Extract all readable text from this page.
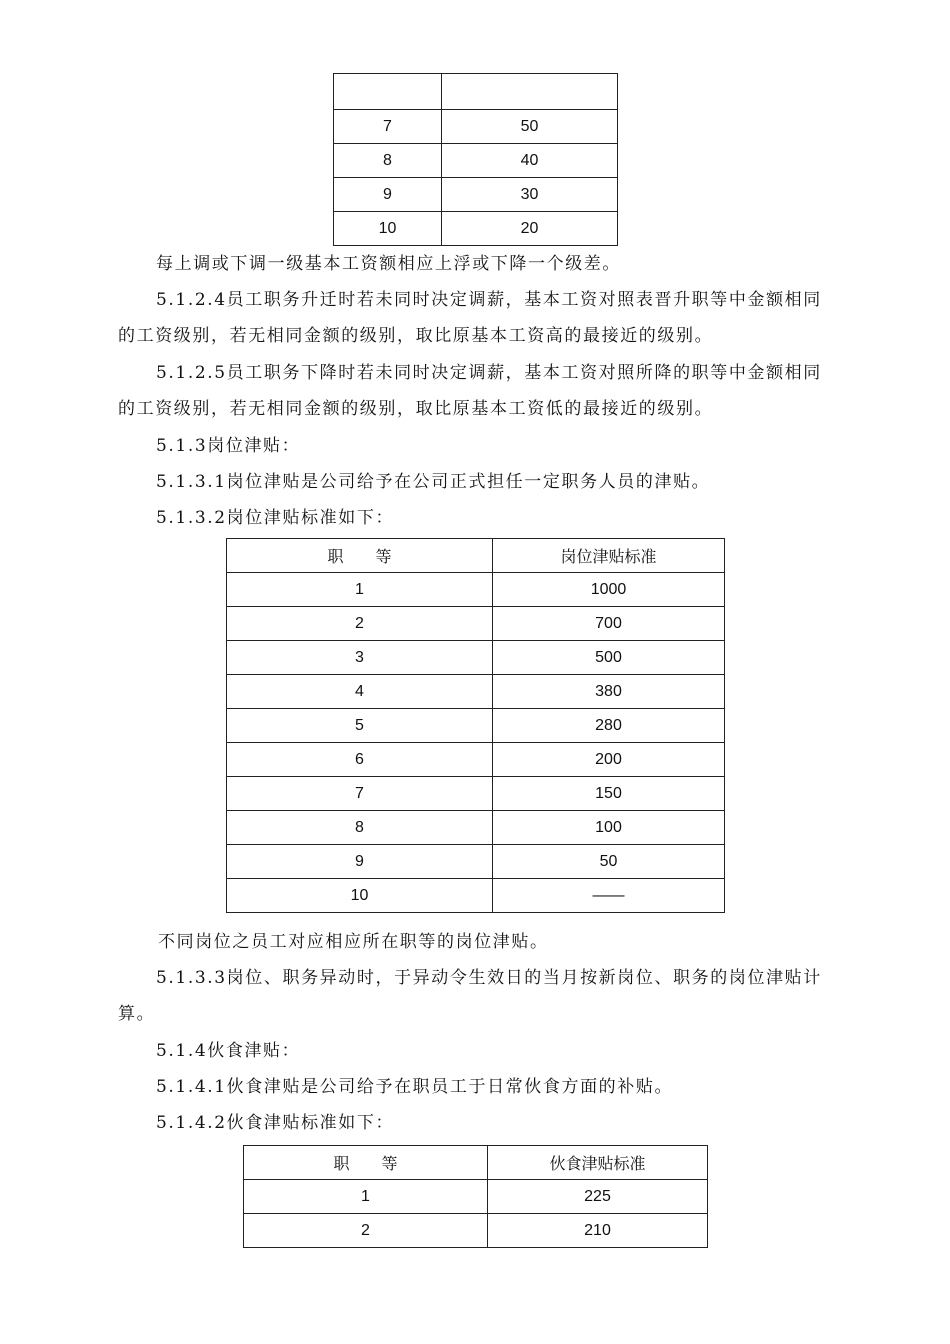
7	50
8	40
9	30
10	20
每上调或下调一级基本工资额相应上浮或下降一个级差。
5.1.2.4员工职务升迁时若未同时决定调薪，基本工资对照表晋升职等中金额相同的工资级别，若无相同金额的级别，取比原基本工资高的最接近的级别。
5.1.2.5员工职务下降时若未同时决定调薪，基本工资对照所降的职等中金额相同的工资级别，若无相同金额的级别，取比原基本工资低的最接近的级别。
5.1.3岗位津贴：
5.1.3.1岗位津贴是公司给予在公司正式担任一定职务人员的津贴。
5.1.3.2岗位津贴标准如下：
职　　等	岗位津贴标准
1	1000
2	700
3	500
4	380
5	280
6	200
7	150
8	100
9	50
10	——
不同岗位之员工对应相应所在职等的岗位津贴。
5.1.3.3岗位、职务异动时，于异动令生效日的当月按新岗位、职务的岗位津贴计算。
5.1.4伙食津贴：
5.1.4.1伙食津贴是公司给予在职员工于日常伙食方面的补贴。
5.1.4.2伙食津贴标准如下：
职　　等	伙食津贴标准
1	225
2	210
